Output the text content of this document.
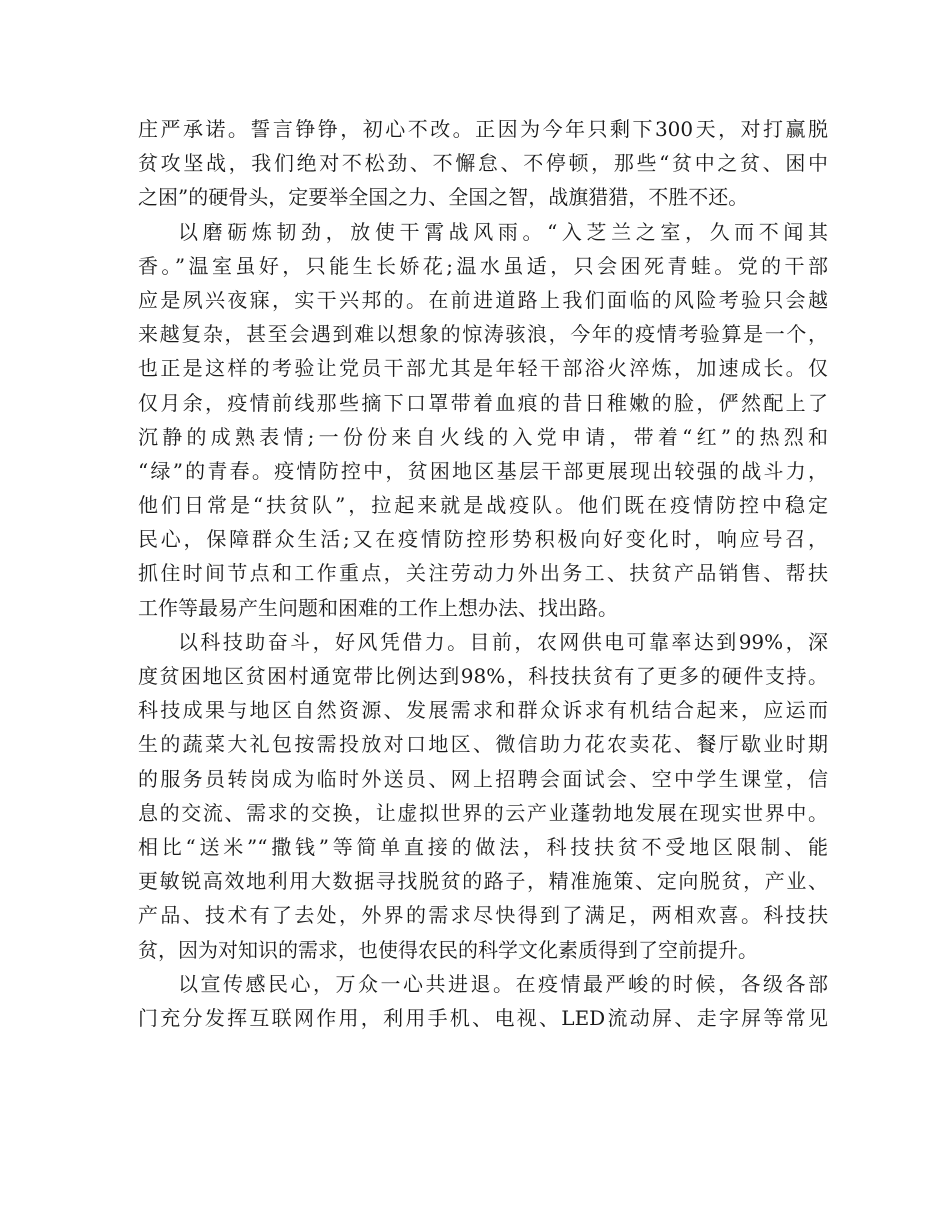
庄严承诺。誓言铮铮，初心不改。正因为今年只剩下300天，对打赢脱
贫攻坚战，我们绝对不松劲、不懈怠、不停顿，那些“贫中之贫、困中
之困”的硬骨头，定要举全国之力、全国之智，战旗猎猎，不胜不还。
以磨砺炼韧劲，放使干霄战风雨。“入芝兰之室，久而不闻其
香。”温室虽好，只能生长娇花;温水虽适，只会困死青蛙。党的干部
应是夙兴夜寐，实干兴邦的。在前进道路上我们面临的风险考验只会越
来越复杂，甚至会遇到难以想象的惊涛骇浪，今年的疫情考验算是一个，
也正是这样的考验让党员干部尤其是年轻干部浴火淬炼，加速成长。仅
仅月余，疫情前线那些摘下口罩带着血痕的昔日稚嫩的脸，俨然配上了
沉静的成熟表情;一份份来自火线的入党申请，带着“红”的热烈和
“绿”的青春。疫情防控中，贫困地区基层干部更展现出较强的战斗力，
他们日常是“扶贫队”，拉起来就是战疫队。他们既在疫情防控中稳定
民心，保障群众生活;又在疫情防控形势积极向好变化时，响应号召，
抓住时间节点和工作重点，关注劳动力外出务工、扶贫产品销售、帮扶
工作等最易产生问题和困难的工作上想办法、找出路。
以科技助奋斗，好风凭借力。目前，农网供电可靠率达到99%，深
度贫困地区贫困村通宽带比例达到98%，科技扶贫有了更多的硬件支持。
科技成果与地区自然资源、发展需求和群众诉求有机结合起来，应运而
生的蔬菜大礼包按需投放对口地区、微信助力花农卖花、餐厅歇业时期
的服务员转岗成为临时外送员、网上招聘会面试会、空中学生课堂，信
息的交流、需求的交换，让虚拟世界的云产业蓬勃地发展在现实世界中。
相比“送米”“撒钱”等简单直接的做法，科技扶贫不受地区限制、能
更敏锐高效地利用大数据寻找脱贫的路子，精准施策、定向脱贫，产业、
产品、技术有了去处，外界的需求尽快得到了满足，两相欢喜。科技扶
贫，因为对知识的需求，也使得农民的科学文化素质得到了空前提升。
以宣传感民心，万众一心共进退。在疫情最严峻的时候，各级各部
门充分发挥互联网作用，利用手机、电视、LED流动屏、走字屏等常见
